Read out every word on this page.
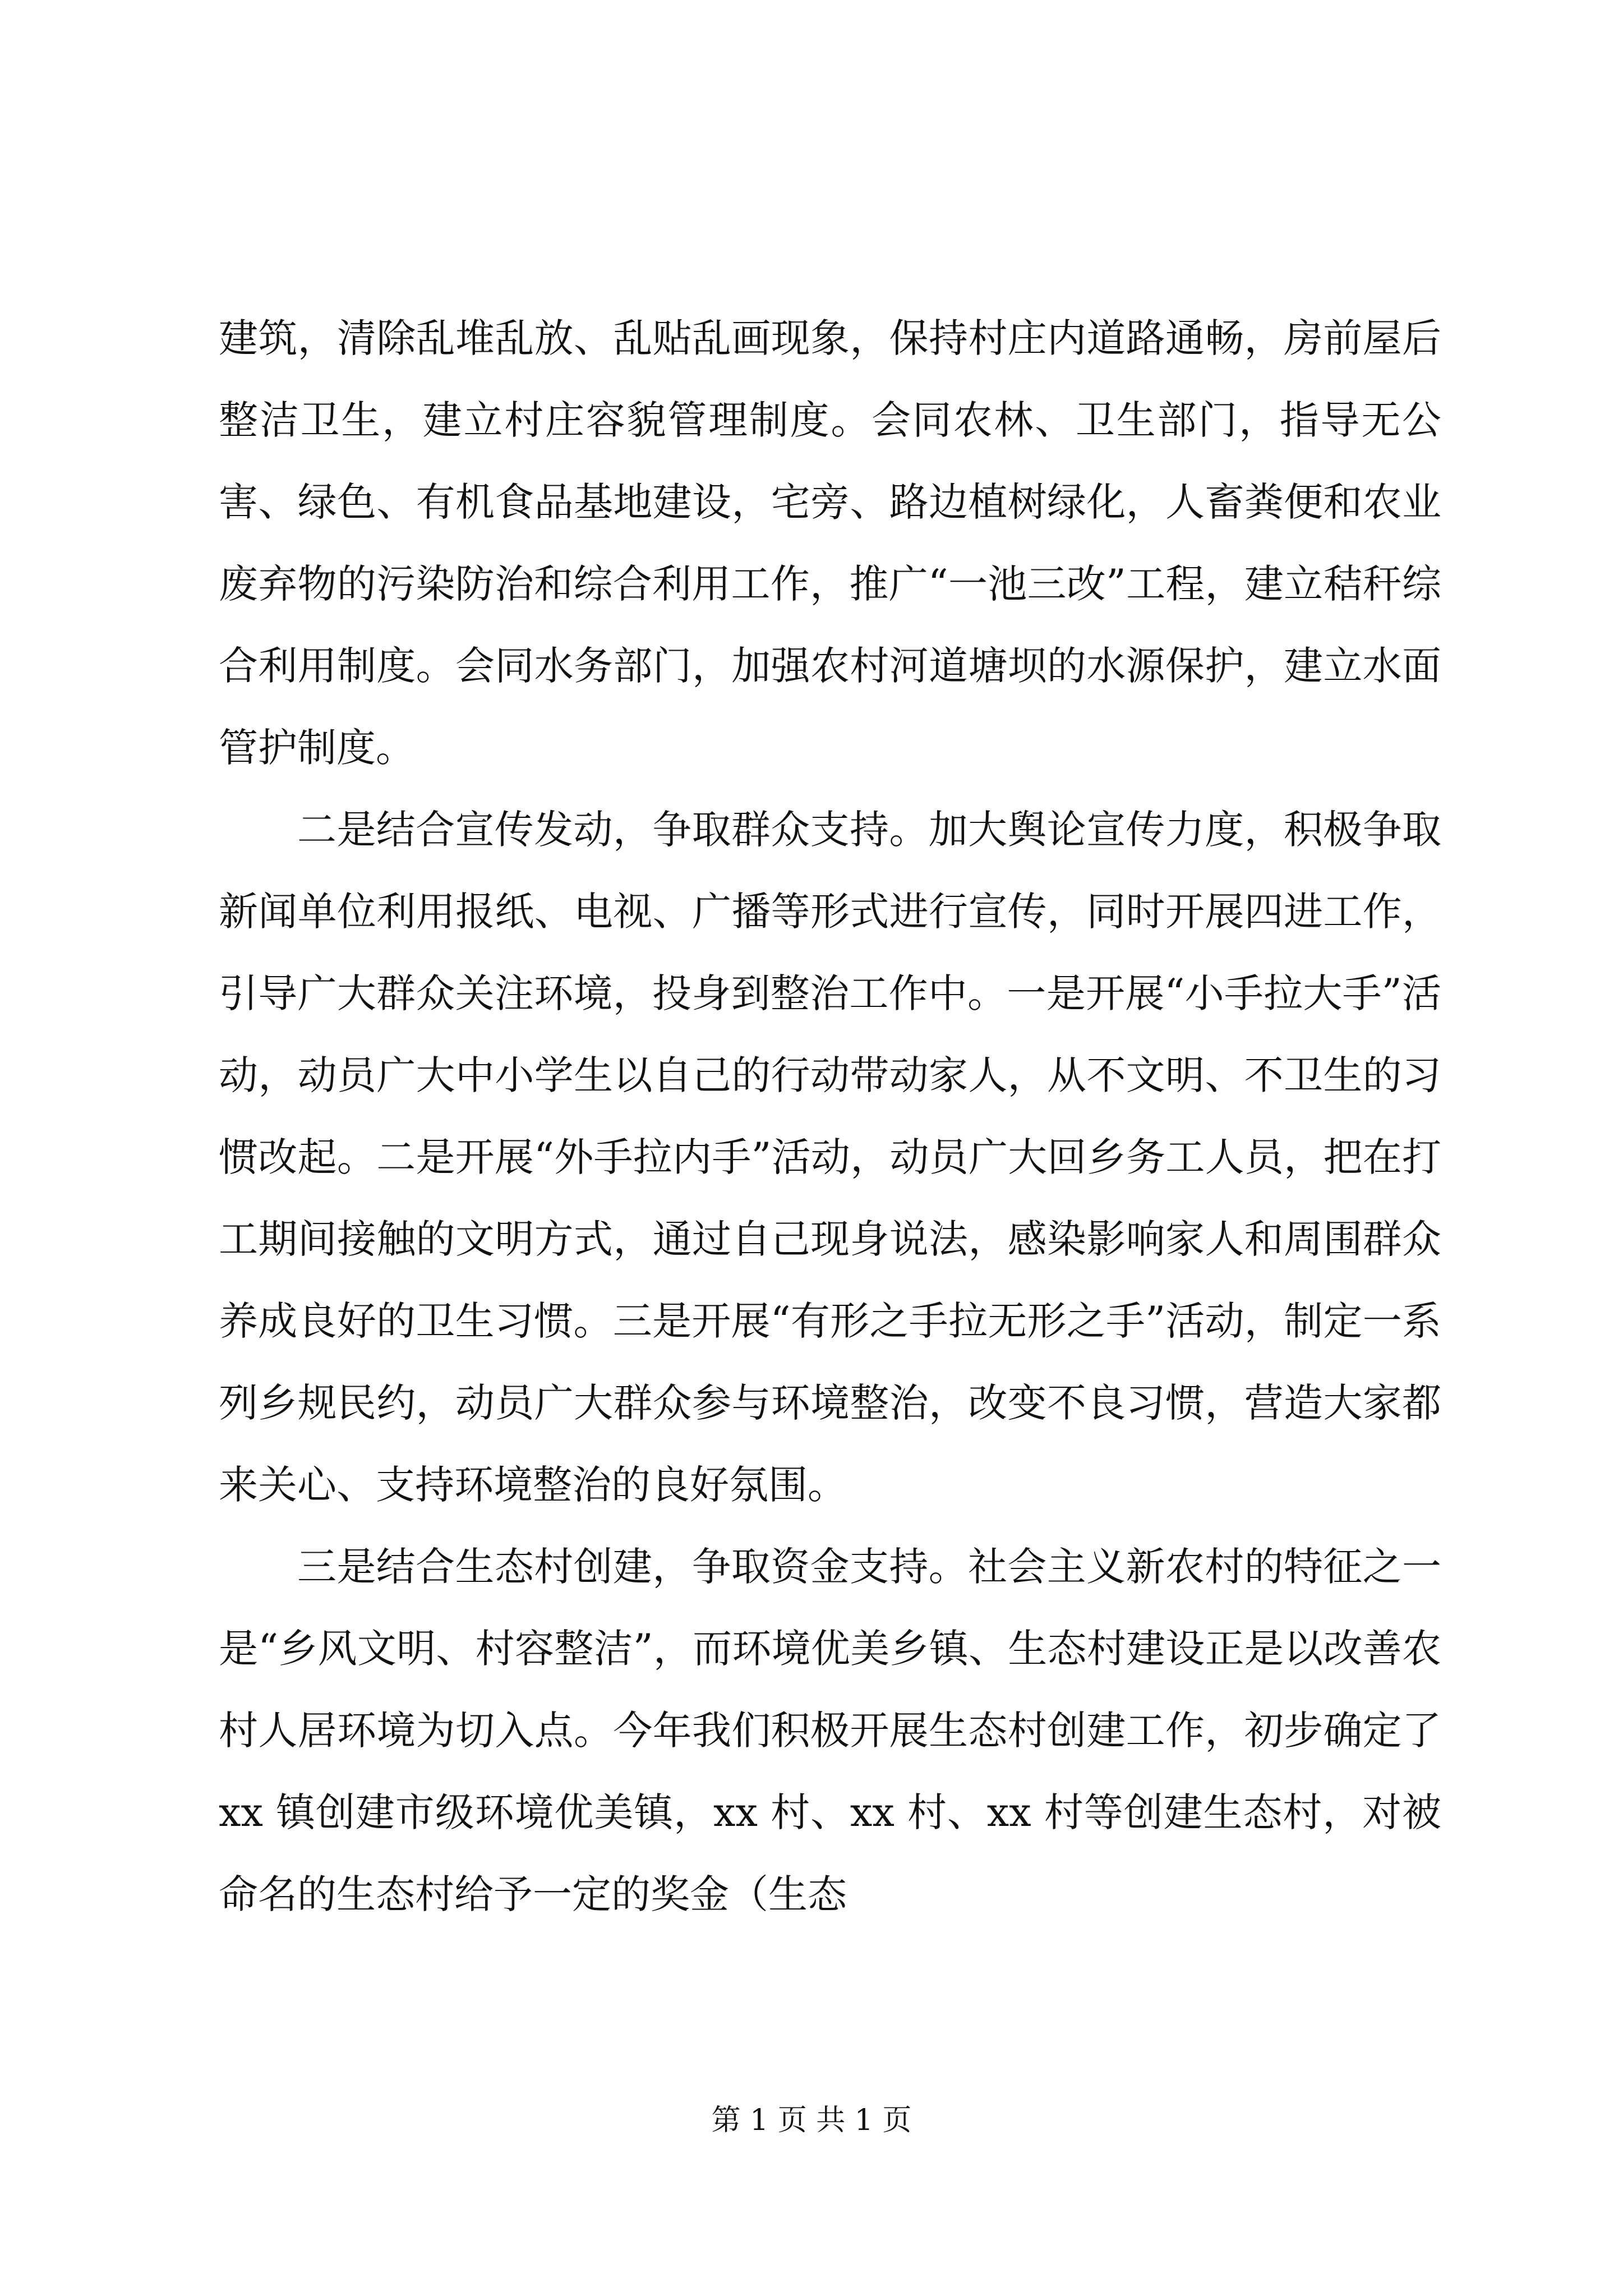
建筑，清除乱堆乱放、乱贴乱画现象，保持村庄内道路通畅，房前屋后整洁卫生，建立村庄容貌管理制度。会同农林、卫生部门，指导无公害、绿色、有机食品基地建设，宅旁、路边植树绿化，人畜粪便和农业废弃物的污染防治和综合利用工作，推广“一池三改”工程，建立秸秆综合利用制度。会同水务部门，加强农村河道塘坝的水源保护，建立水面管护制度。

二是结合宣传发动，争取群众支持。加大舆论宣传力度，积极争取新闻单位利用报纸、电视、广播等形式进行宣传，同时开展四进工作，引导广大群众关注环境，投身到整治工作中。一是开展“小手拉大手”活动，动员广大中小学生以自己的行动带动家人，从不文明、不卫生的习惯改起。二是开展“外手拉内手”活动，动员广大回乡务工人员，把在打工期间接触的文明方式，通过自己现身说法，感染影响家人和周围群众养成良好的卫生习惯。三是开展“有形之手拉无形之手”活动，制定一系列乡规民约，动员广大群众参与环境整治，改变不良习惯，营造大家都来关心、支持环境整治的良好氛围。

三是结合生态村创建，争取资金支持。社会主义新农村的特征之一是“乡风文明、村容整洁”，而环境优美乡镇、生态村建设正是以改善农村人居环境为切入点。今年我们积极开展生态村创建工作，初步确定了 xx 镇创建市级环境优美镇，xx 村、xx 村、xx 村等创建生态村，对被命名的生态村给予一定的奖金（生态

第 1 页 共 1 页
